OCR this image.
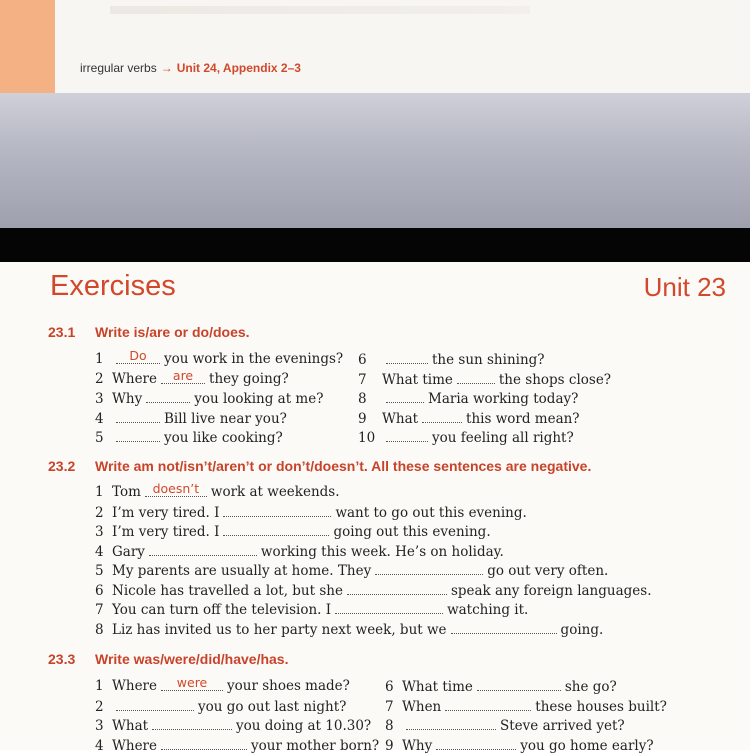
irregular verbs → Unit 24, Appendix 2–3
Exercises	Unit 23
23.1 Write is/are or do/does.
1 Do you work in the evenings?
2 Where are they going?
3 Why	you looking at me?
4	Bill live near you?
5	you like cooking?
6	the sun shining?
7 What time	the shops close?
8	Maria working today?
9 What	this word mean?
10	you feeling all right?
23.2 Write am not/isn’t/aren’t or don’t/doesn’t. All these sentences are negative.
1 Tom doesn’t work at weekends.
2 I’m very tired. I	want to go out this evening.
3 I’m very tired. I	going out this evening.
4 Gary	working this week. He’s on holiday.
5 My parents are usually at home. They	go out very often.
6 Nicole has travelled a lot, but she	speak any foreign languages.
7 You can turn off the television. I	watching it.
8 Liz has invited us to her party next week, but we	going.
23.3 Write was/were/did/have/has.
1 Where were your shoes made?
2	you go out last night?
3 What	you doing at 10.30?
4 Where	your mother born?
6 What time	she go?
7 When	these houses built?
8	Steve arrived yet?
9 Why	you go home early?
